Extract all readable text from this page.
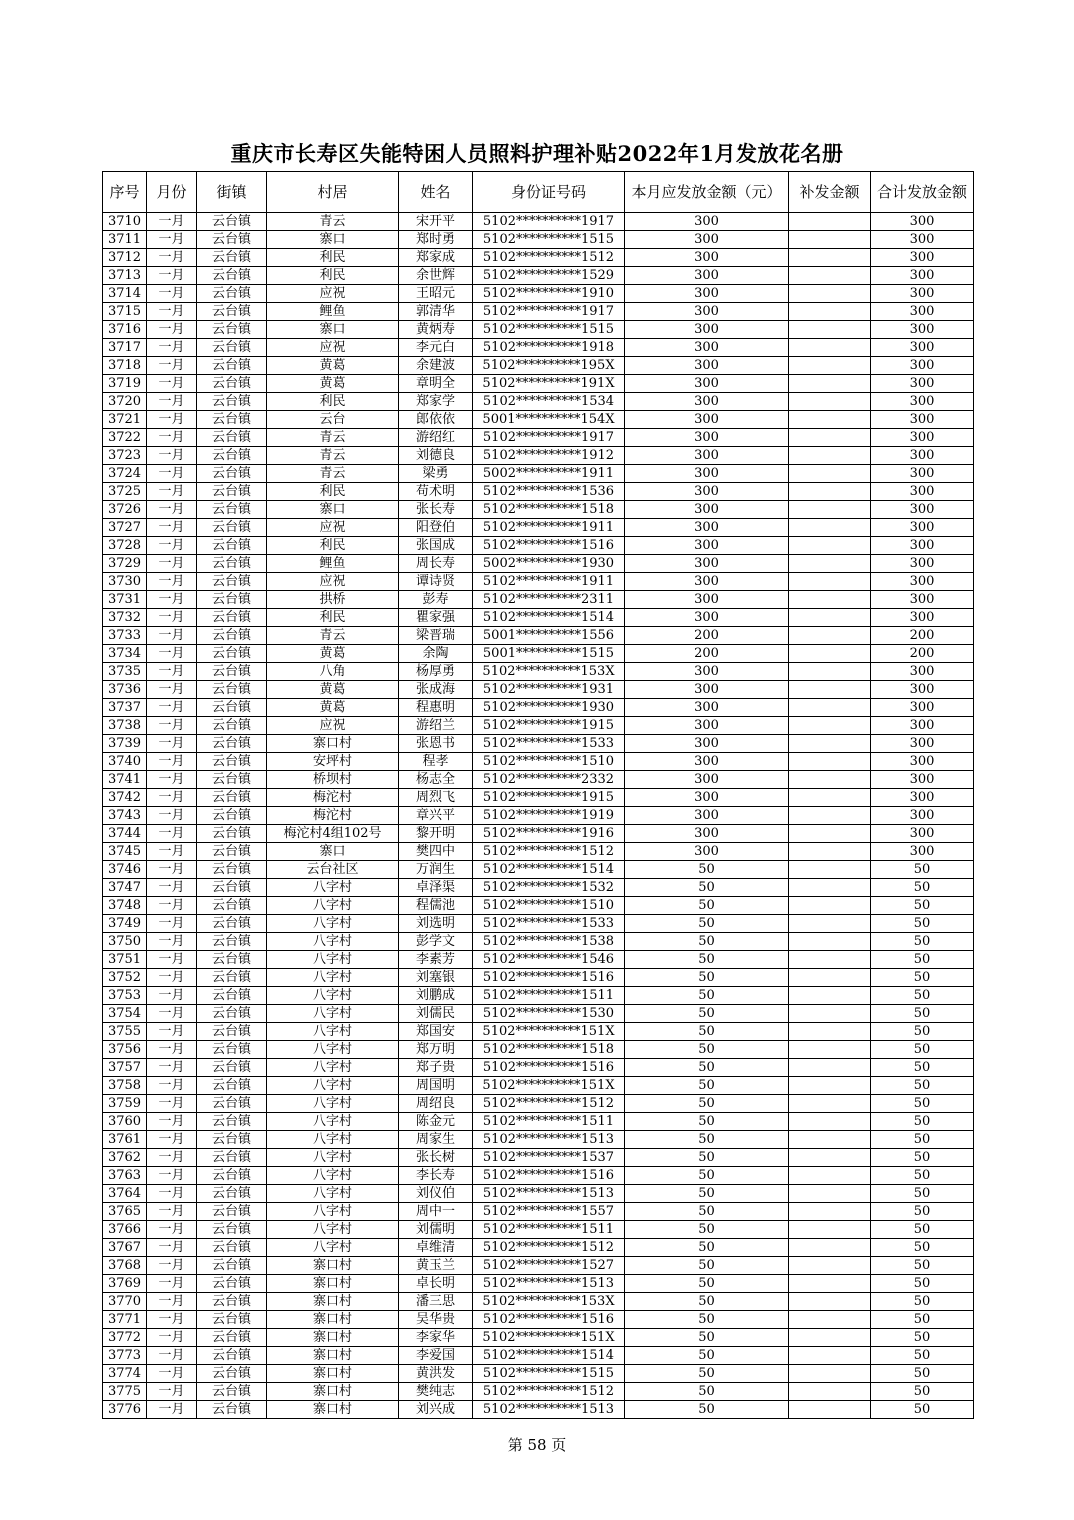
重庆市长寿区失能特困人员照料护理补贴2022年1月发放花名册
序号	月份	街镇	村居	姓名	身份证号码	本月应发放金额（元）	补发金额	合计发放金额
3710	一月	云台镇	青云	宋开平	5102**********1917	300		300
3711	一月	云台镇	寨口	郑时勇	5102**********1515	300		300
3712	一月	云台镇	利民	郑家成	5102**********1512	300		300
3713	一月	云台镇	利民	余世辉	5102**********1529	300		300
3714	一月	云台镇	应祝	王昭元	5102**********1910	300		300
3715	一月	云台镇	鲤鱼	郭清华	5102**********1917	300		300
3716	一月	云台镇	寨口	黄炳寿	5102**********1515	300		300
3717	一月	云台镇	应祝	李元白	5102**********1918	300		300
3718	一月	云台镇	黄葛	余建波	5102**********195X	300		300
3719	一月	云台镇	黄葛	章明全	5102**********191X	300		300
3720	一月	云台镇	利民	郑家学	5102**********1534	300		300
3721	一月	云台镇	云台	郎依依	5001**********154X	300		300
3722	一月	云台镇	青云	游绍红	5102**********1917	300		300
3723	一月	云台镇	青云	刘德良	5102**********1912	300		300
3724	一月	云台镇	青云	梁勇	5002**********1911	300		300
3725	一月	云台镇	利民	苟术明	5102**********1536	300		300
3726	一月	云台镇	寨口	张长寿	5102**********1518	300		300
3727	一月	云台镇	应祝	阳登伯	5102**********1911	300		300
3728	一月	云台镇	利民	张国成	5102**********1516	300		300
3729	一月	云台镇	鲤鱼	周长寿	5002**********1930	300		300
3730	一月	云台镇	应祝	谭诗贤	5102**********1911	300		300
3731	一月	云台镇	拱桥	彭寿	5102**********2311	300		300
3732	一月	云台镇	利民	瞿家强	5102**********1514	300		300
3733	一月	云台镇	青云	梁晋瑞	5001**********1556	200		200
3734	一月	云台镇	黄葛	余陶	5001**********1515	200		200
3735	一月	云台镇	八角	杨厚勇	5102**********153X	300		300
3736	一月	云台镇	黄葛	张成海	5102**********1931	300		300
3737	一月	云台镇	黄葛	程惠明	5102**********1930	300		300
3738	一月	云台镇	应祝	游绍兰	5102**********1915	300		300
3739	一月	云台镇	寨口村	张恩书	5102**********1533	300		300
3740	一月	云台镇	安坪村	程孝	5102**********1510	300		300
3741	一月	云台镇	桥坝村	杨志全	5102**********2332	300		300
3742	一月	云台镇	梅沱村	周烈飞	5102**********1915	300		300
3743	一月	云台镇	梅沱村	章兴平	5102**********1919	300		300
3744	一月	云台镇	梅沱村4组102号	黎开明	5102**********1916	300		300
3745	一月	云台镇	寨口	樊四中	5102**********1512	300		300
3746	一月	云台镇	云台社区	万润生	5102**********1514	50		50
3747	一月	云台镇	八字村	卓泽渠	5102**********1532	50		50
3748	一月	云台镇	八字村	程儒池	5102**********1510	50		50
3749	一月	云台镇	八字村	刘选明	5102**********1533	50		50
3750	一月	云台镇	八字村	彭学文	5102**********1538	50		50
3751	一月	云台镇	八字村	李素芳	5102**********1546	50		50
3752	一月	云台镇	八字村	刘塞银	5102**********1516	50		50
3753	一月	云台镇	八字村	刘鹏成	5102**********1511	50		50
3754	一月	云台镇	八字村	刘儒民	5102**********1530	50		50
3755	一月	云台镇	八字村	郑国安	5102**********151X	50		50
3756	一月	云台镇	八字村	郑万明	5102**********1518	50		50
3757	一月	云台镇	八字村	郑子贵	5102**********1516	50		50
3758	一月	云台镇	八字村	周国明	5102**********151X	50		50
3759	一月	云台镇	八字村	周绍良	5102**********1512	50		50
3760	一月	云台镇	八字村	陈金元	5102**********1511	50		50
3761	一月	云台镇	八字村	周家生	5102**********1513	50		50
3762	一月	云台镇	八字村	张长树	5102**********1537	50		50
3763	一月	云台镇	八字村	李长寿	5102**********1516	50		50
3764	一月	云台镇	八字村	刘仪伯	5102**********1513	50		50
3765	一月	云台镇	八字村	周中一	5102**********1557	50		50
3766	一月	云台镇	八字村	刘儒明	5102**********1511	50		50
3767	一月	云台镇	八字村	卓维清	5102**********1512	50		50
3768	一月	云台镇	寨口村	黄玉兰	5102**********1527	50		50
3769	一月	云台镇	寨口村	卓长明	5102**********1513	50		50
3770	一月	云台镇	寨口村	潘三思	5102**********153X	50		50
3771	一月	云台镇	寨口村	吴华贵	5102**********1516	50		50
3772	一月	云台镇	寨口村	李家华	5102**********151X	50		50
3773	一月	云台镇	寨口村	李爱国	5102**********1514	50		50
3774	一月	云台镇	寨口村	黄洪发	5102**********1515	50		50
3775	一月	云台镇	寨口村	樊纯志	5102**********1512	50		50
3776	一月	云台镇	寨口村	刘兴成	5102**********1513	50		50
第 58 页
